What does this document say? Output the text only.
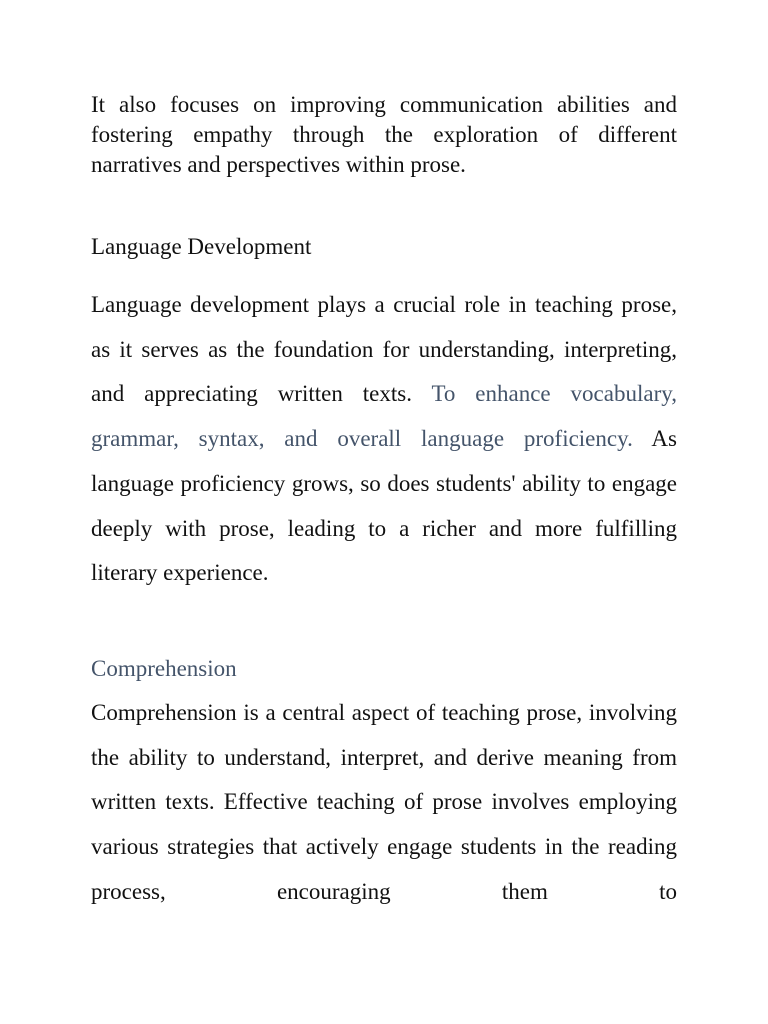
It also focuses on improving communication abilities and fostering empathy through the exploration of different narratives and perspectives within prose.

Language Development

Language development plays a crucial role in teaching prose, as it serves as the foundation for understanding, interpreting, and appreciating written texts. To enhance vocabulary, grammar, syntax, and overall language proficiency. As language proficiency grows, so does students' ability to engage deeply with prose, leading to a richer and more fulfilling literary experience.

Comprehension

Comprehension is a central aspect of teaching prose, involving the ability to understand, interpret, and derive meaning from written texts. Effective teaching of prose involves employing various strategies that actively engage students in the reading process, encouraging them to
